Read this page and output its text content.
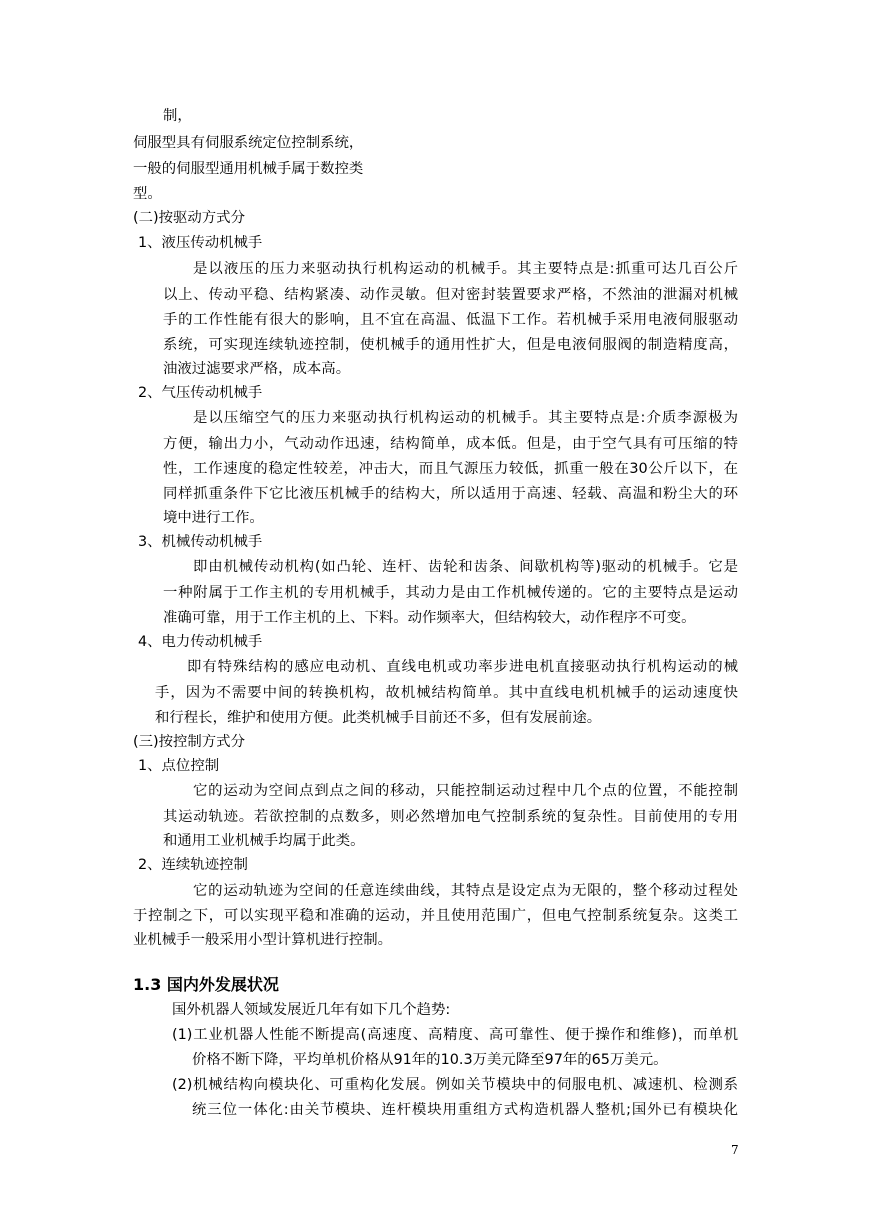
制，
伺服型具有伺服系统定位控制系统，
一般的伺服型通用机械手属于数控类
型。
(二)按驱动方式分
1、液压传动机械手
是以液压的压力来驱动执行机构运动的机械手。其主要特点是:抓重可达几百公斤
以上、传动平稳、结构紧凑、动作灵敏。但对密封装置要求严格，不然油的泄漏对机械
手的工作性能有很大的影响，且不宜在高温、低温下工作。若机械手采用电液伺服驱动
系统，可实现连续轨迹控制，使机械手的通用性扩大，但是电液伺服阀的制造精度高，
油液过滤要求严格，成本高。
2、气压传动机械手
是以压缩空气的压力来驱动执行机构运动的机械手。其主要特点是:介质李源极为
方便，输出力小，气动动作迅速，结构简单，成本低。但是，由于空气具有可压缩的特
性，工作速度的稳定性较差，冲击大，而且气源压力较低，抓重一般在30公斤以下，在
同样抓重条件下它比液压机械手的结构大，所以适用于高速、轻载、高温和粉尘大的环
境中进行工作。
3、机械传动机械手
即由机械传动机构(如凸轮、连杆、齿轮和齿条、间歇机构等)驱动的机械手。它是
一种附属于工作主机的专用机械手，其动力是由工作机械传递的。它的主要特点是运动
准确可靠，用于工作主机的上、下料。动作频率大，但结构较大，动作程序不可变。
4、电力传动机械手
即有特殊结构的感应电动机、直线电机或功率步进电机直接驱动执行机构运动的械
手，因为不需要中间的转换机构，故机械结构简单。其中直线电机机械手的运动速度快
和行程长，维护和使用方便。此类机械手目前还不多，但有发展前途。
(三)按控制方式分
1、点位控制
它的运动为空间点到点之间的移动，只能控制运动过程中几个点的位置，不能控制
其运动轨迹。若欲控制的点数多，则必然增加电气控制系统的复杂性。目前使用的专用
和通用工业机械手均属于此类。
2、连续轨迹控制
它的运动轨迹为空间的任意连续曲线，其特点是设定点为无限的，整个移动过程处
于控制之下，可以实现平稳和准确的运动，并且使用范围广，但电气控制系统复杂。这类工
业机械手一般采用小型计算机进行控制。
1.3 国内外发展状况
国外机器人领域发展近几年有如下几个趋势:
(1)工业机器人性能不断提高(高速度、高精度、高可靠性、便于操作和维修)，而单机
价格不断下降，平均单机价格从91年的10.3万美元降至97年的65万美元。
(2)机械结构向模块化、可重构化发展。例如关节模块中的伺服电机、减速机、检测系
统三位一体化:由关节模块、连杆模块用重组方式构造机器人整机;国外已有模块化
7
